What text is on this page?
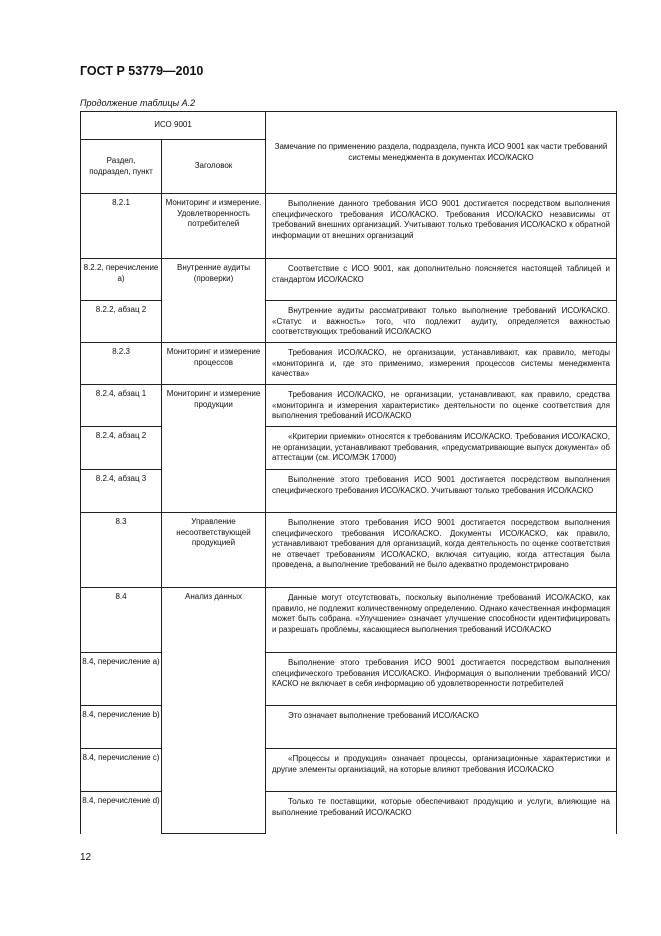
ГОСТ Р 53779—2010
Продолжение таблицы А.2
ИСО 9001		Замечание по применению раздела, подраздела, пункта ИСО 9001 как части требований системы менеджмента в документах ИСО/КАСКО
Раздел, подраздел, пункт	Заголовок	
8.2.1	Мониторинг и измерение. Удовлетворенность потребителей	Выполнение данного требования ИСО 9001 достигается посредством выполнения специфического требования ИСО/КАСКО. Требования ИСО/КАСКО независимы от требований внешних организаций. Учитывают только требования ИСО/КАСКО к обратной информации от внешних организаций
8.2.2, перечисление а)	Внутренние аудиты (проверки)	Соответствие с ИСО 9001, как дополнительно поясняется настоящей таблицей и стандартом ИСО/КАСКО
8.2.2, абзац 2		Внутренние аудиты рассматривают только выполнение требований ИСО/КАСКО. «Статус и важность» того, что подлежит аудиту, определяется важностью соответствующих требований ИСО/КАСКО
8.2.3	Мониторинг и измерение процессов	Требования ИСО/КАСКО, не организации, устанавливают, как правило, методы «мониторинга и, где это применимо, измерения процессов системы менеджмента качества»
8.2.4, абзац 1	Мониторинг и измерение продукции	Требования ИСО/КАСКО, не организации, устанавливают, как правило, средства «мониторинга и измерения характеристик» деятельности по оценке соответствия для выполнения требований ИСО/КАСКО
8.2.4, абзац 2		«Критерии приемки» относятся к требованиям ИСО/КАСКО. Требования ИСО/КАСКО, не организации, устанавливают требования, «предусматривающие выпуск документа» об аттестации (см. ИСО/МЭК 17000)
8.2.4, абзац 3		Выполнение этого требования ИСО 9001 достигается посредством выполнения специфического требования ИСО/КАСКО. Учитывают только требования ИСО/КАСКО
8.3	Управление несоответствующей продукцией	Выполнение этого требования ИСО 9001 достигается посредством выполнения специфического требования ИСО/КАСКО. Документы ИСО/КАСКО, как правило, устанавливают требования для организаций, когда деятельность по оценке соответствия не отвечает требованиям ИСО/КАСКО, включая ситуацию, когда аттестация была проведена, а выполнение требований не было адекватно продемонстрировано
8.4	Анализ данных	Данные могут отсутствовать, поскольку выполнение требований ИСО/КАСКО, как правило, не подлежит количественному определению. Однако качественная информация может быть собрана. «Улучшение» означает улучшение способности идентифицировать и разрешать проблемы, касающиеся выполнения требований ИСО/КАСКО
8.4, перечисление а)		Выполнение этого требования ИСО 9001 достигается посредством выполнения специфического требования ИСО/КАСКО. Информация о выполнении требований ИСО/КАСКО не включает в себя информацию об удовлетворенности потребителей
8.4, перечисление b)		Это означает выполнение требований ИСО/КАСКО
8.4, перечисление с)		«Процессы и продукция» означает процессы, организационные характеристики и другие элементы организаций, на которые влияют требования ИСО/КАСКО
8.4, перечисление d)		Только те поставщики, которые обеспечивают продукцию и услуги, влияющие на выполнение требований ИСО/КАСКО
12
